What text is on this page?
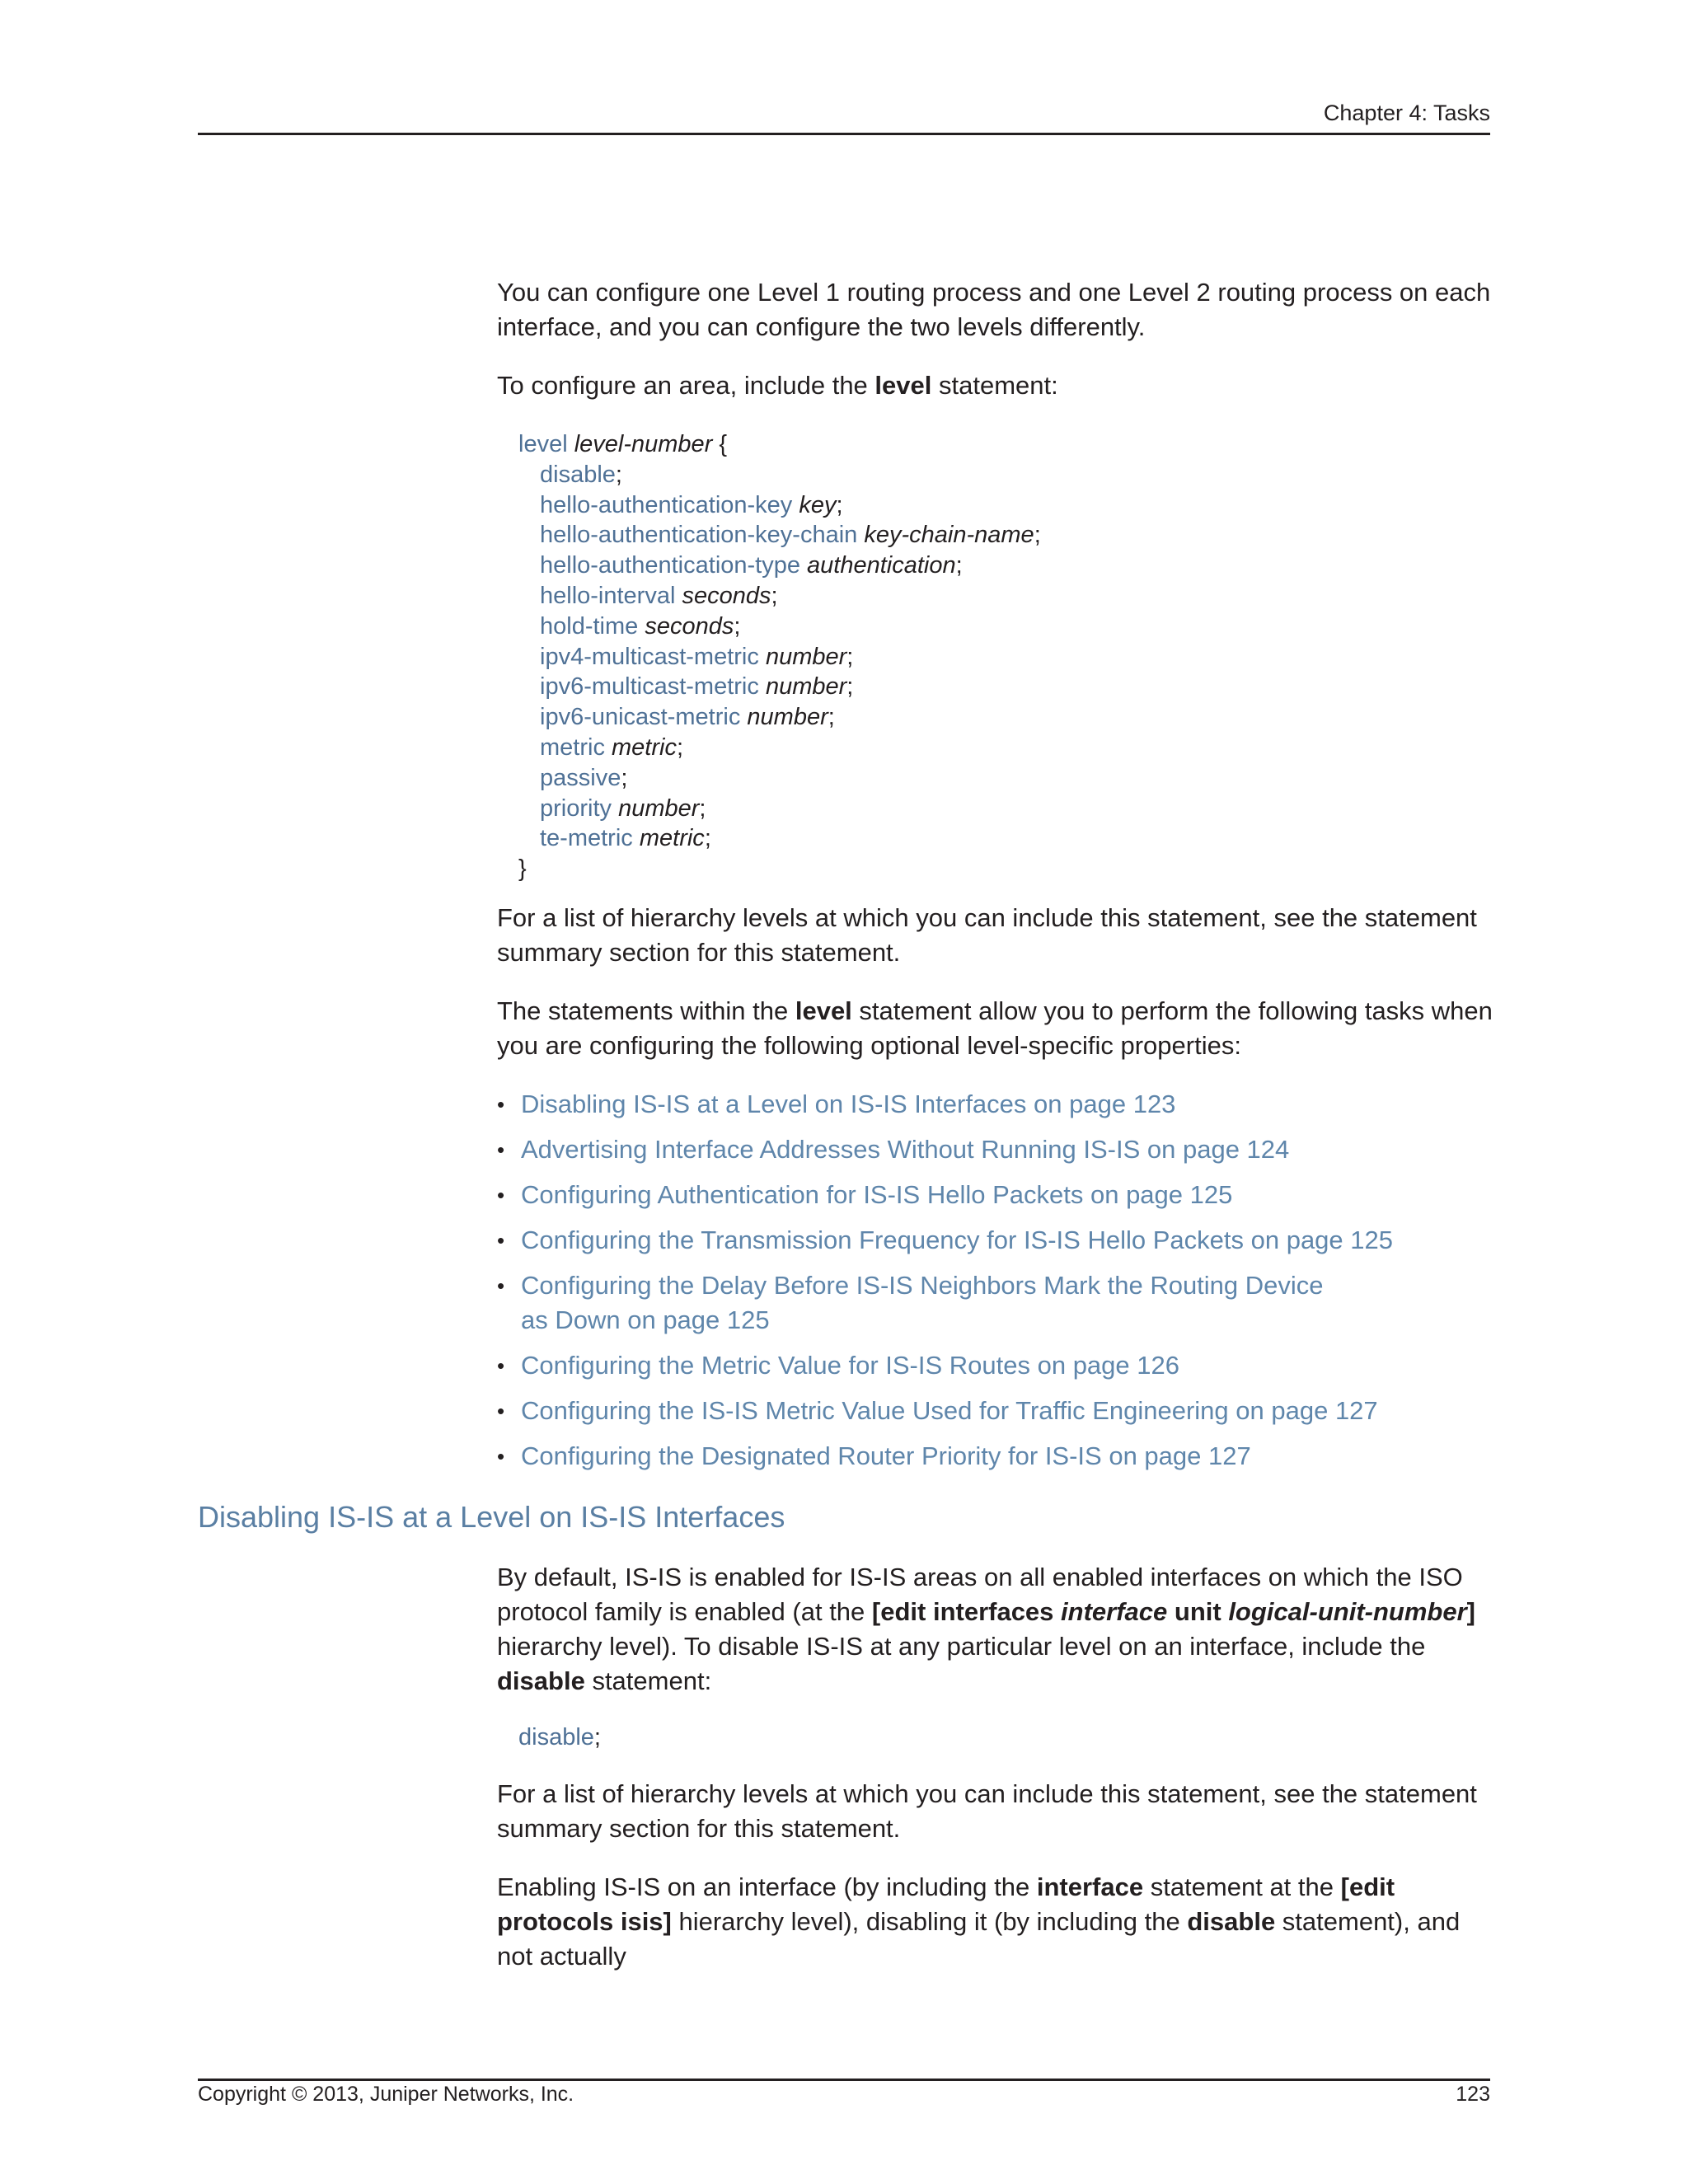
Chapter 4: Tasks

You can configure one Level 1 routing process and one Level 2 routing process on each interface, and you can configure the two levels differently.

To configure an area, include the level statement:

level level-number {
disable;
hello-authentication-key key;
hello-authentication-key-chain key-chain-name;
hello-authentication-type authentication;
hello-interval seconds;
hold-time seconds;
ipv4-multicast-metric number;
ipv6-multicast-metric number;
ipv6-unicast-metric number;
metric metric;
passive;
priority number;
te-metric metric;
}

For a list of hierarchy levels at which you can include this statement, see the statement summary section for this statement.

The statements within the level statement allow you to perform the following tasks when you are configuring the following optional level-specific properties:

• Disabling IS-IS at a Level on IS-IS Interfaces on page 123
• Advertising Interface Addresses Without Running IS-IS on page 124
• Configuring Authentication for IS-IS Hello Packets on page 125
• Configuring the Transmission Frequency for IS-IS Hello Packets on page 125
• Configuring the Delay Before IS-IS Neighbors Mark the Routing Device as Down on page 125
• Configuring the Metric Value for IS-IS Routes on page 126
• Configuring the IS-IS Metric Value Used for Traffic Engineering on page 127
• Configuring the Designated Router Priority for IS-IS on page 127
Disabling IS-IS at a Level on IS-IS Interfaces

By default, IS-IS is enabled for IS-IS areas on all enabled interfaces on which the ISO protocol family is enabled (at the [edit interfaces interface unit logical-unit-number] hierarchy level). To disable IS-IS at any particular level on an interface, include the disable statement:

disable;

For a list of hierarchy levels at which you can include this statement, see the statement summary section for this statement.

Enabling IS-IS on an interface (by including the interface statement at the [edit protocols isis] hierarchy level), disabling it (by including the disable statement), and not actually

Copyright © 2013, Juniper Networks, Inc.	123
